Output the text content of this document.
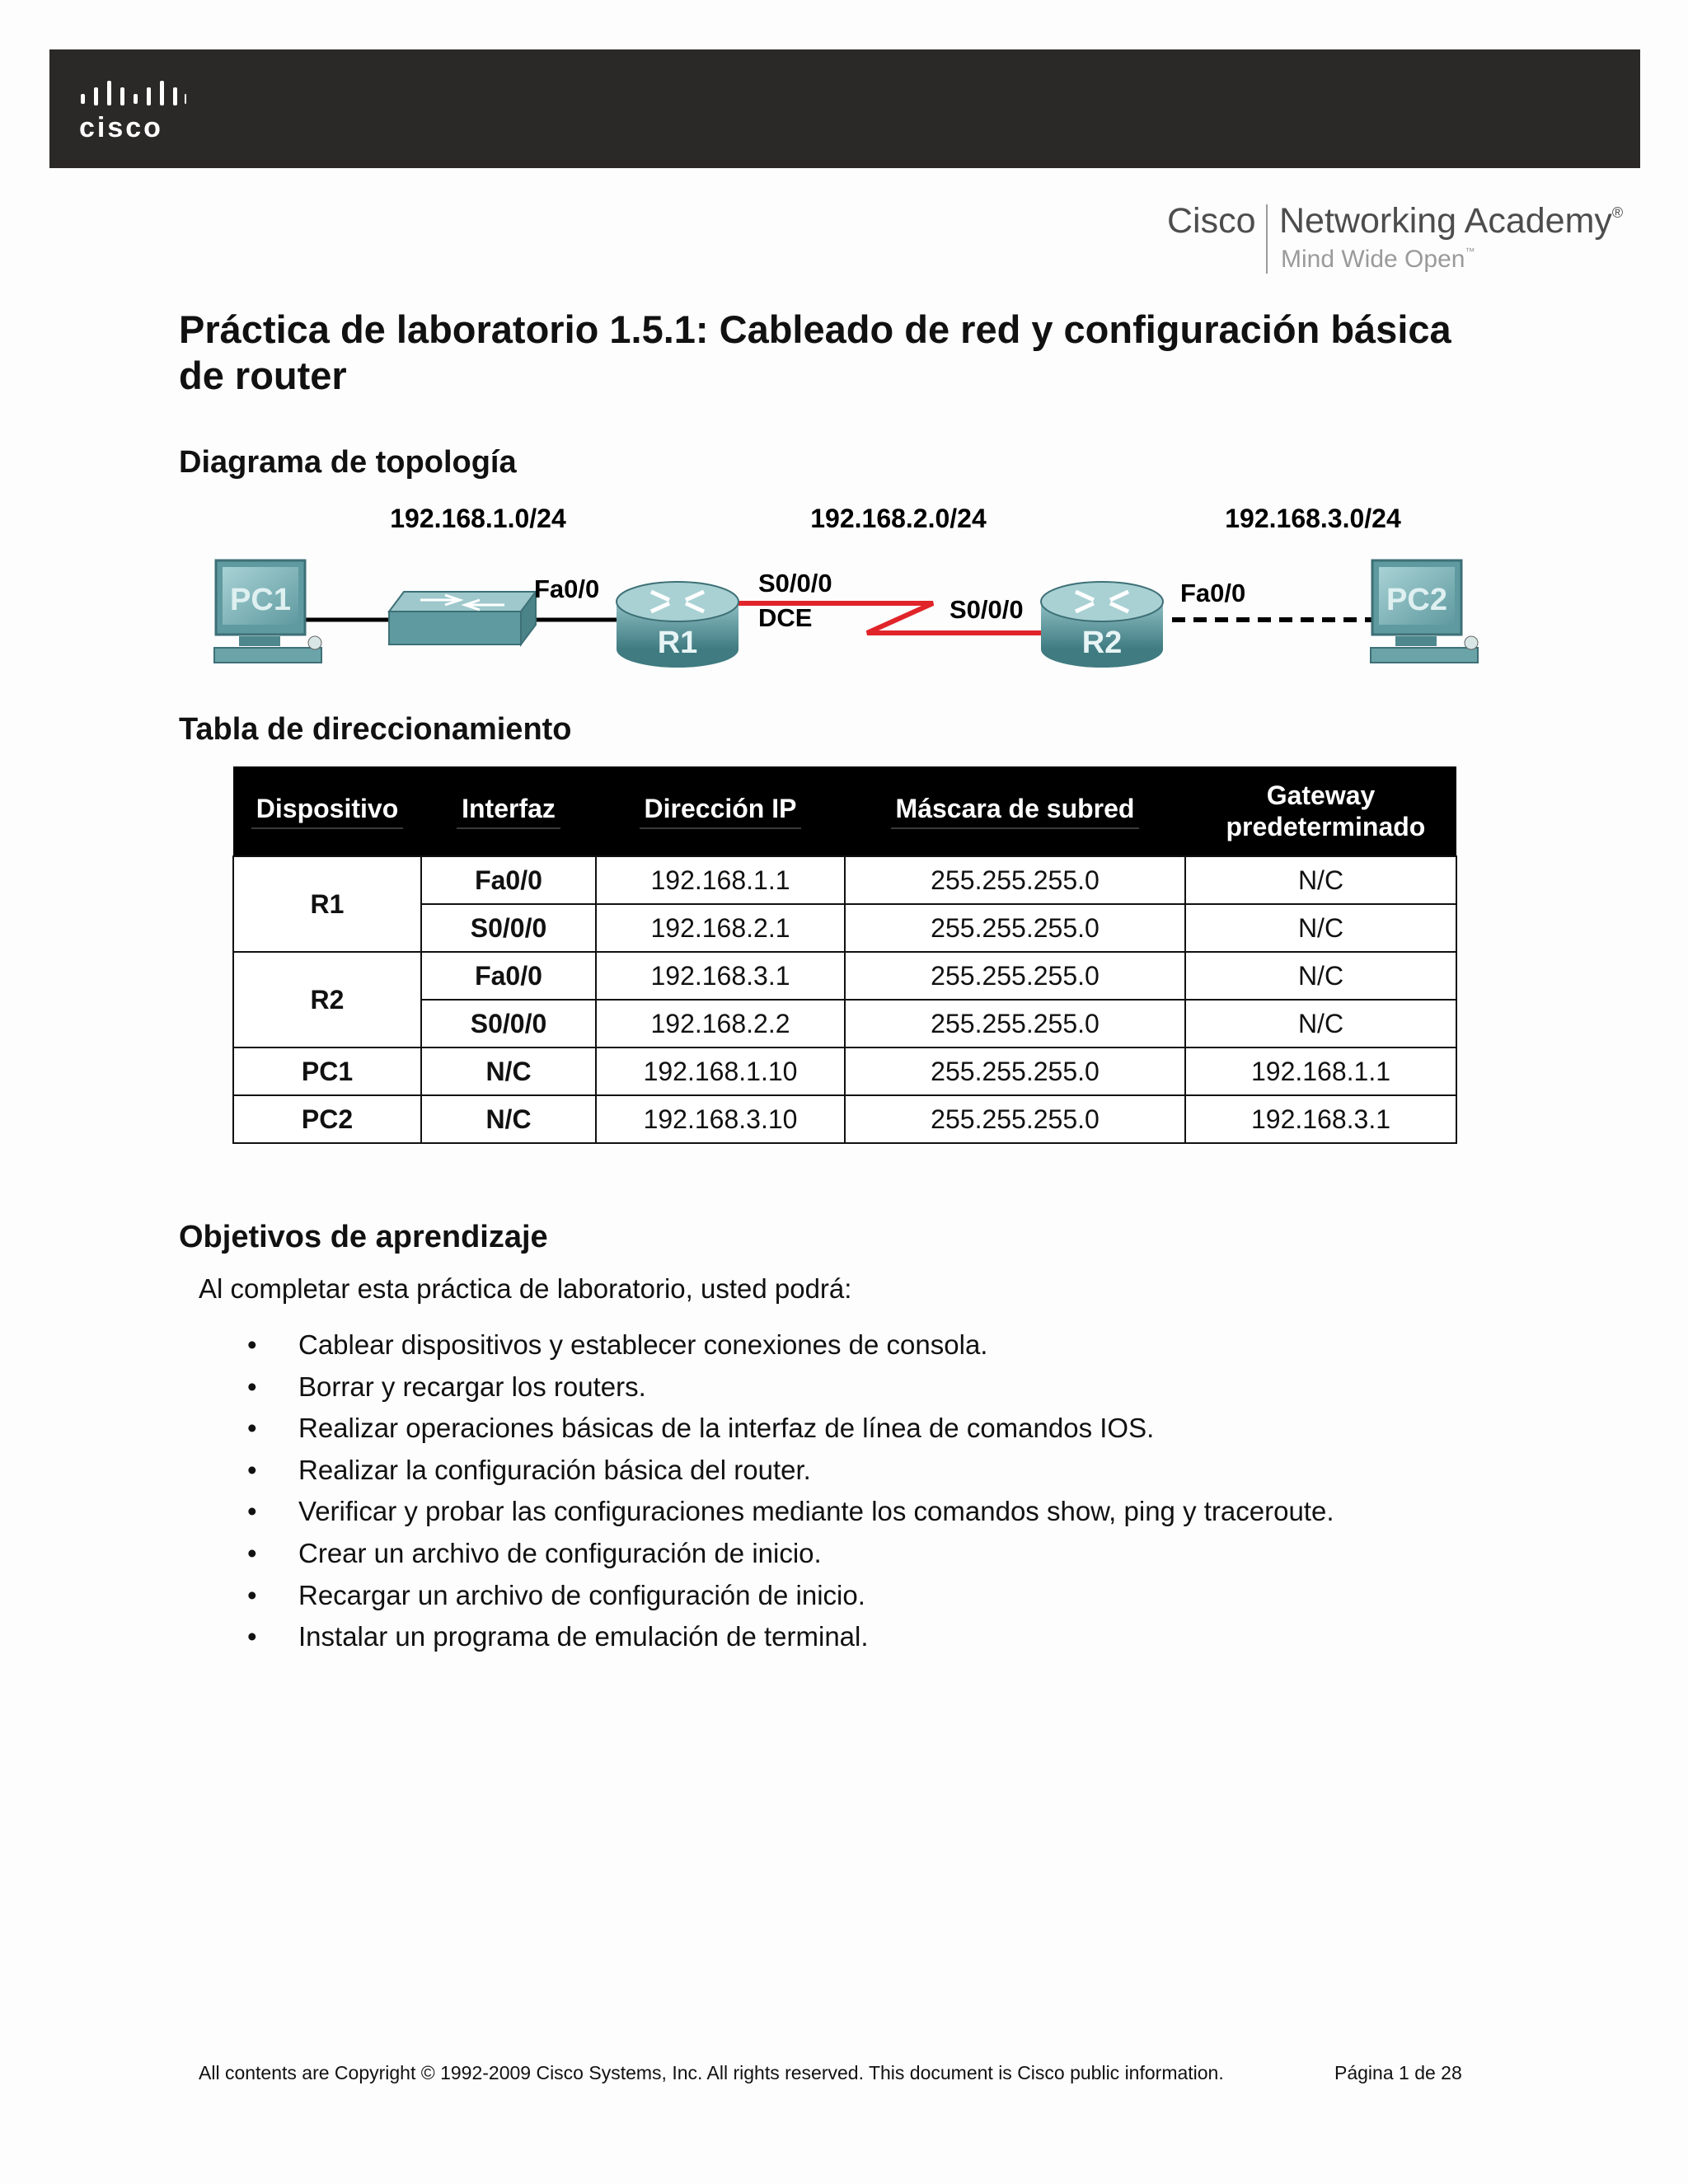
cisco
Cisco Networking Academy®
Mind Wide Open™
Práctica de laboratorio 1.5.1: Cableado de red y configuración básica de router
Diagrama de topología
192.168.1.0/24	192.168.2.0/24	192.168.3.0/24
PC1	Fa0/0
R1
S0/0/0
DCE	S0/0/0
R2
Fa0/0	PC2
Tabla de direccionamiento
Dispositivo	Interfaz	Dirección IP	Máscara de subred	Gateway predeterminado

R1	Fa0/0	192.168.1.1	255.255.255.0	N/C
	S0/0/0	192.168.2.1	255.255.255.0	N/C
R2	Fa0/0	192.168.3.1	255.255.255.0	N/C
	S0/0/0	192.168.2.2	255.255.255.0	N/C
PC1	N/C	192.168.1.10	255.255.255.0	192.168.1.1
PC2	N/C	192.168.3.10	255.255.255.0	192.168.3.1
Objetivos de aprendizaje

Al completar esta práctica de laboratorio, usted podrá:

• Cablear dispositivos y establecer conexiones de consola.
• Borrar y recargar los routers.
• Realizar operaciones básicas de la interfaz de línea de comandos IOS.
• Realizar la configuración básica del router.
• Verificar y probar las configuraciones mediante los comandos show, ping y traceroute.
• Crear un archivo de configuración de inicio.
• Recargar un archivo de configuración de inicio.
• Instalar un programa de emulación de terminal.
All contents are Copyright © 1992-2009 Cisco Systems, Inc. All rights reserved. This document is Cisco public information.	Página 1 de 28
